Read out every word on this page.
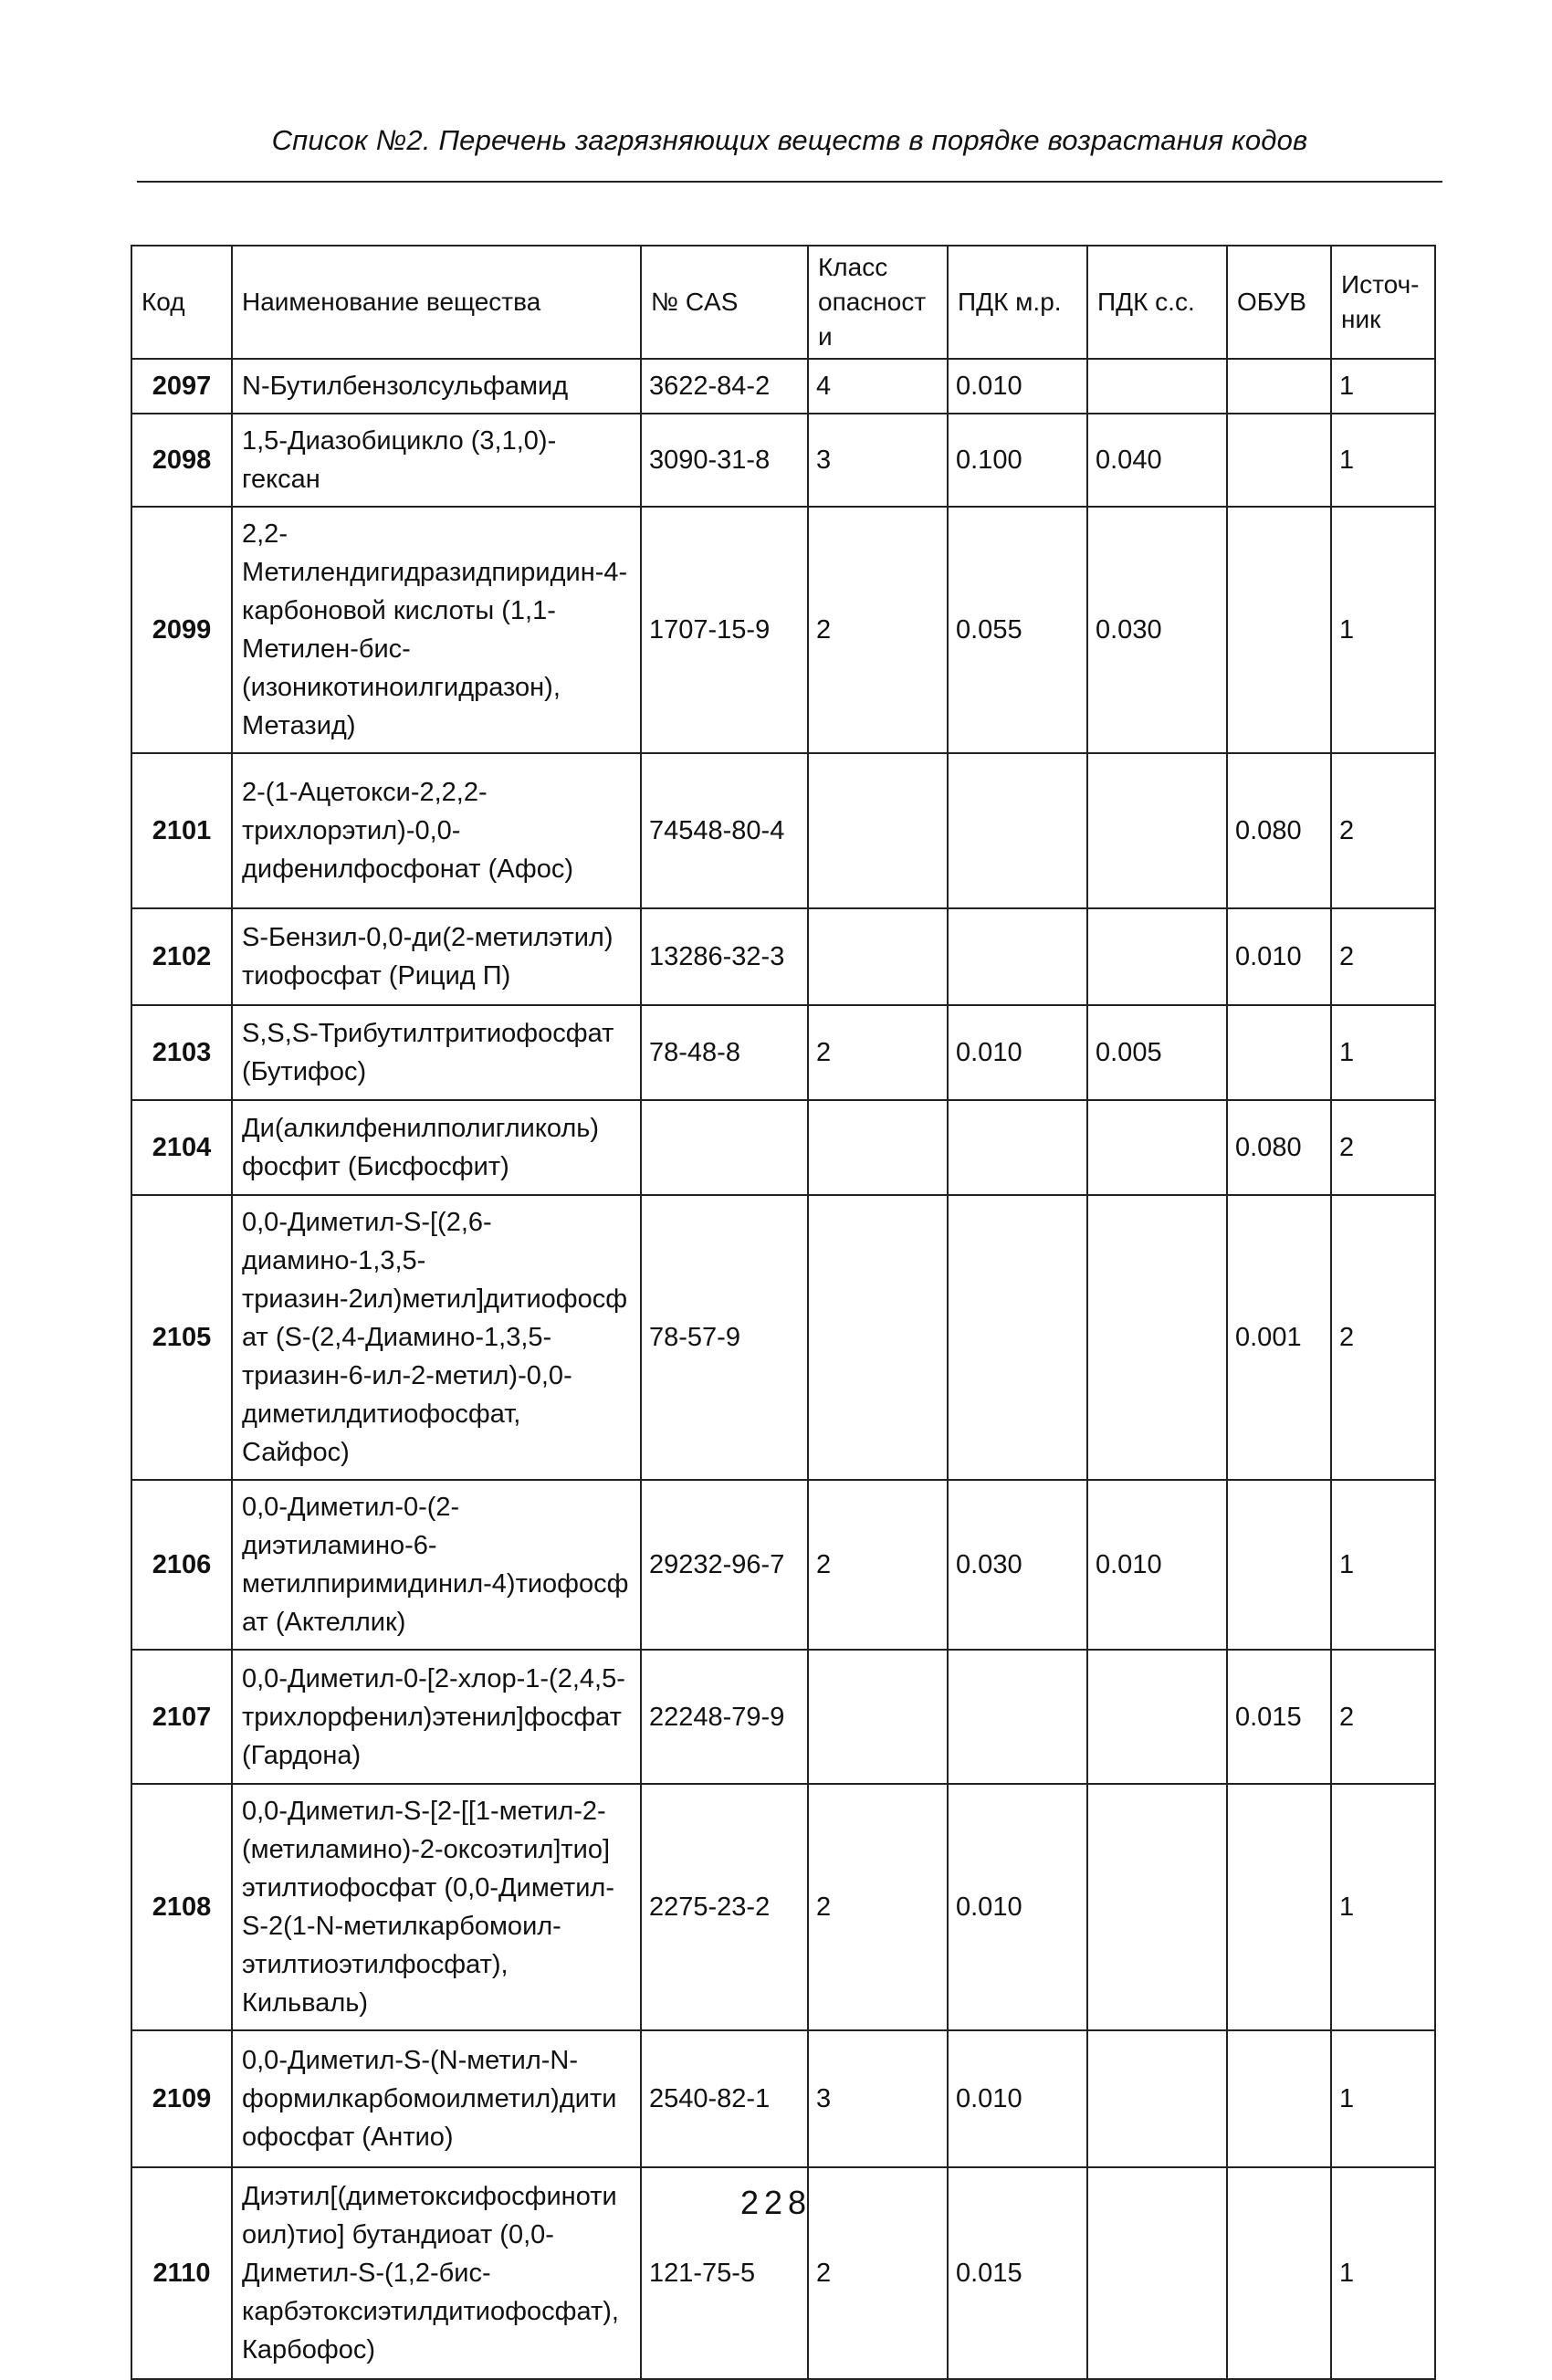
Список №2. Перечень загрязняющих веществ в порядке возрастания кодов
Код	Наименование вещества	№ CAS	Класс опасности	ПДК м.р.	ПДК с.с.	ОБУВ	Источ-ник
2097	N-Бутилбензолсульфамид	3622-84-2	4	0.010			1
2098	1,5-Диазобицикло (3,1,0)-гексан	3090-31-8	3	0.100	0.040		1
2099	2,2-Метилендигидразидпиридин-4-карбоновой кислоты (1,1-Метилен-бис-(изоникотиноилгидразон), Метазид)	1707-15-9	2	0.055	0.030		1
2101	2-(1-Ацетокси-2,2,2-трихлорэтил)-0,0-дифенилфосфонат (Афос)	74548-80-4				0.080	2
2102	S-Бензил-0,0-ди(2-метилэтил) тиофосфат (Рицид П)	13286-32-3				0.010	2
2103	S,S,S-Трибутилтритиофосфат (Бутифос)	78-48-8	2	0.010	0.005		1
2104	Ди(алкилфенилполигликоль) фосфит (Бисфосфит)					0.080	2
2105	0,0-Диметил-S-[(2,6-диамино-1,3,5-триазин-2ил)метил]дитиофосфат (S-(2,4-Диамино-1,3,5-триазин-6-ил-2-метил)-0,0-диметилдитиофосфат, Сайфос)	78-57-9				0.001	2
2106	0,0-Диметил-0-(2-диэтиламино-6-метилпиримидинил-4)тиофосфат (Актеллик)	29232-96-7	2	0.030	0.010		1
2107	0,0-Диметил-0-[2-хлор-1-(2,4,5-трихлорфенил)этенил]фосфат (Гардона)	22248-79-9				0.015	2
2108	0,0-Диметил-S-[2-[[1-метил-2-(метиламино)-2-оксоэтил]тио] этилтиофосфат (0,0-Диметил-S-2(1-N-метилкарбомоил-этилтиоэтилфосфат), Кильваль)	2275-23-2	2	0.010			1
2109	0,0-Диметил-S-(N-метил-N-формилкарбомоилметил)дитиофосфат (Антио)	2540-82-1	3	0.010			1
2110	Диэтил[(диметоксифосфинотиоил)тио] бутандиоат (0,0-Диметил-S-(1,2-бис-карбэтоксиэтилдитиофосфат), Карбофос)	121-75-5	2	0.015			1
228
